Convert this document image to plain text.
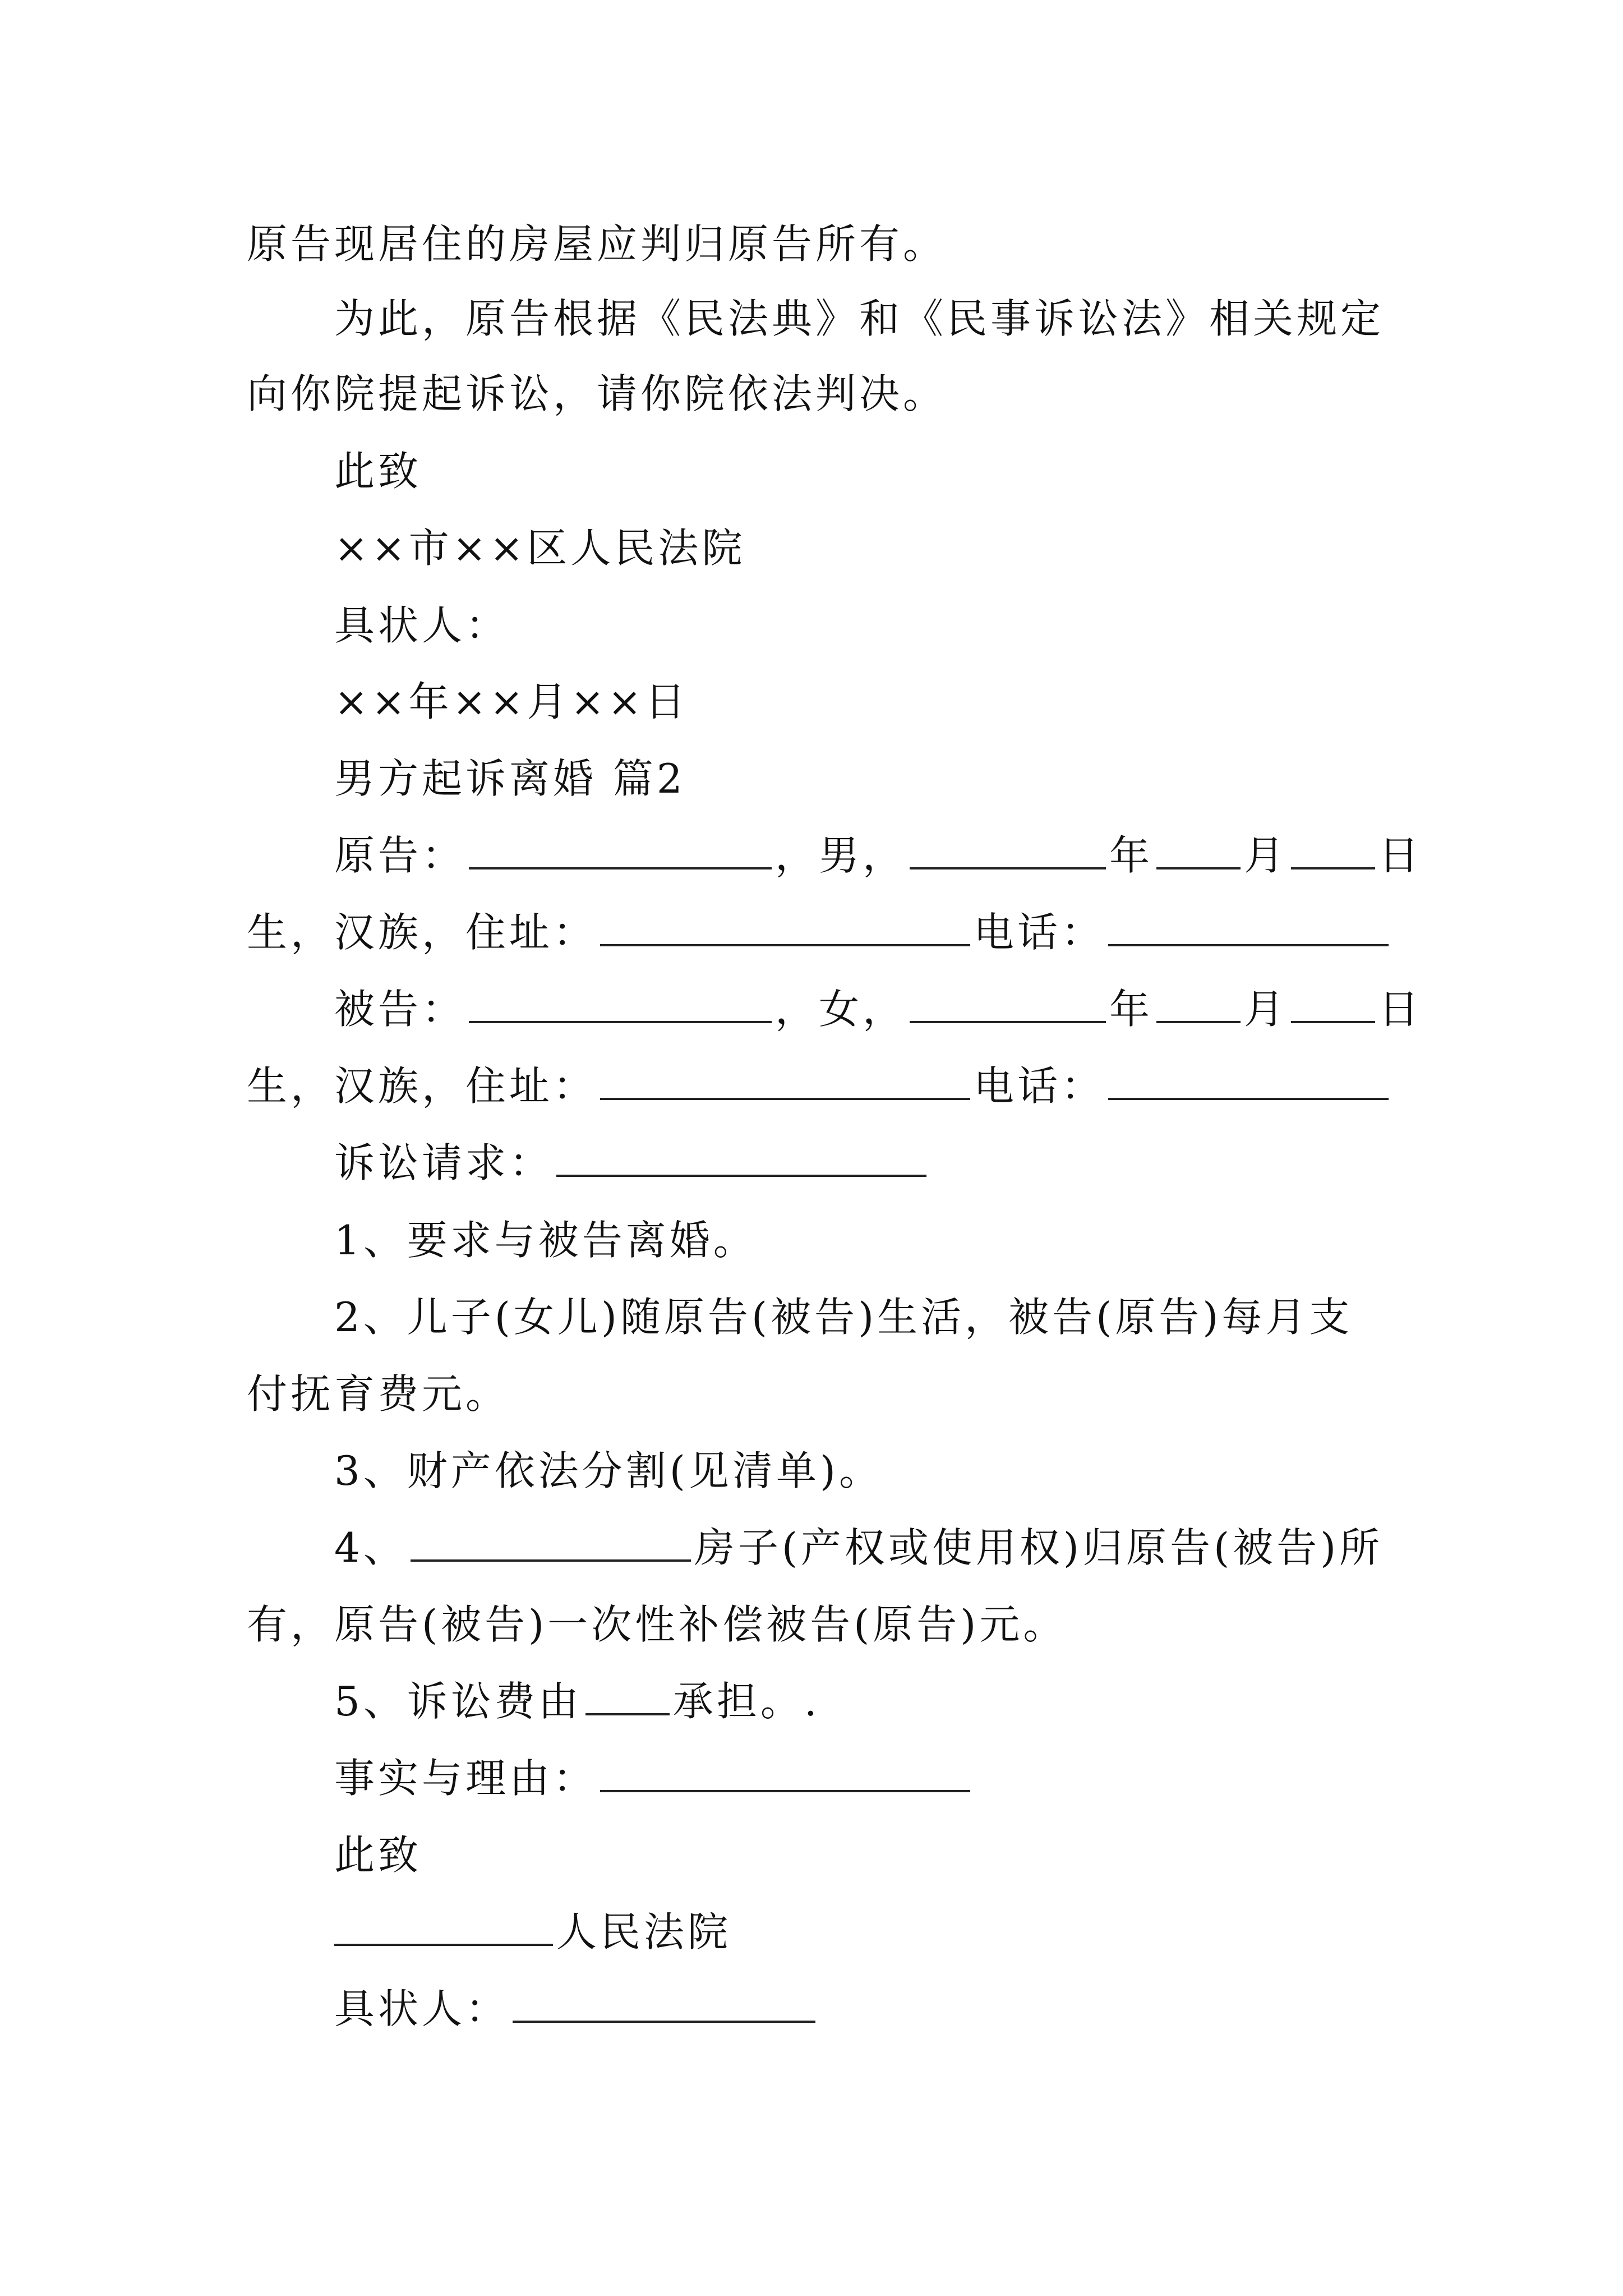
原告现居住的房屋应判归原告所有。
为此，原告根据《民法典》和《民事诉讼法》相关规定
向你院提起诉讼，请你院依法判决。
此致
××市××区人民法院
具状人：
××年××月××日
男方起诉离婚 篇2
原告：	，男，	年 月 日
生，汉族，住址：	电话：
被告：	，女，	年 月 日
生，汉族，住址：	电话：
诉讼请求：
1、要求与被告离婚。
2、儿子(女儿)随原告(被告)生活，被告(原告)每月支
付抚育费元。
3、财产依法分割(见清单)。
4、	房子(产权或使用权)归原告(被告)所
有，原告(被告)一次性补偿被告(原告)元。
5、诉讼费由 承担。.
事实与理由：
此致
人民法院
具状人：
